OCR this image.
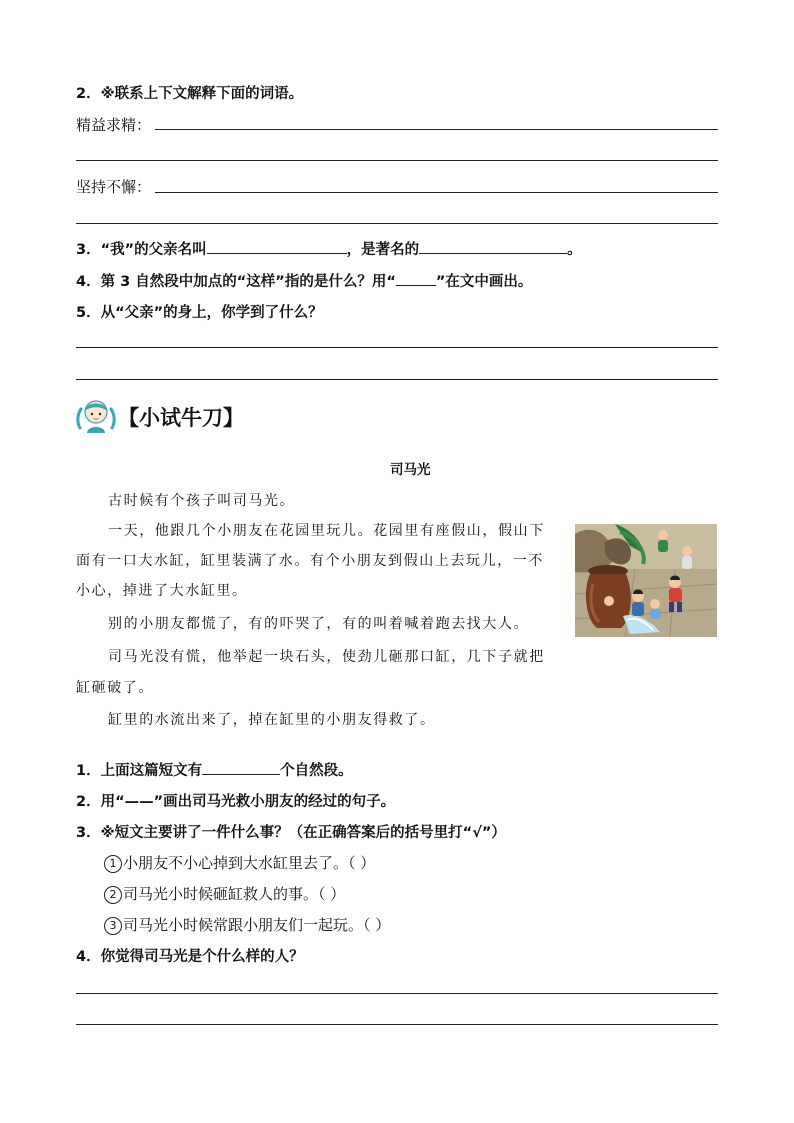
2．※联系上下文解释下面的词语。
精益求精：
坚持不懈：
3．“我”的父亲名叫	，是著名的	。
4．第 3 自然段中加点的“这样”指的是什么？用“	”在文中画出。
5．从“父亲”的身上，你学到了什么？
【小试牛刀】
司马光
古时候有个孩子叫司马光。
一天，他跟几个小朋友在花园里玩儿。花园里有座假山，假山下
面有一口大水缸，缸里装满了水。有个小朋友到假山上去玩儿，一不
小心，掉进了大水缸里。
别的小朋友都慌了，有的吓哭了，有的叫着喊着跑去找大人。
司马光没有慌，他举起一块石头，使劲儿砸那口缸，几下子就把
缸砸破了。
缸里的水流出来了，掉在缸里的小朋友得救了。
1．上面这篇短文有	个自然段。
2．用“——”画出司马光救小朋友的经过的句子。
3．※短文主要讲了一件什么事？（在正确答案后的括号里打“√”）
1 小朋友不小心掉到大水缸里去了。（ ）
2 司马光小时候砸缸救人的事。（ ）
3 司马光小时候常跟小朋友们一起玩。（ ）
4．你觉得司马光是个什么样的人？
